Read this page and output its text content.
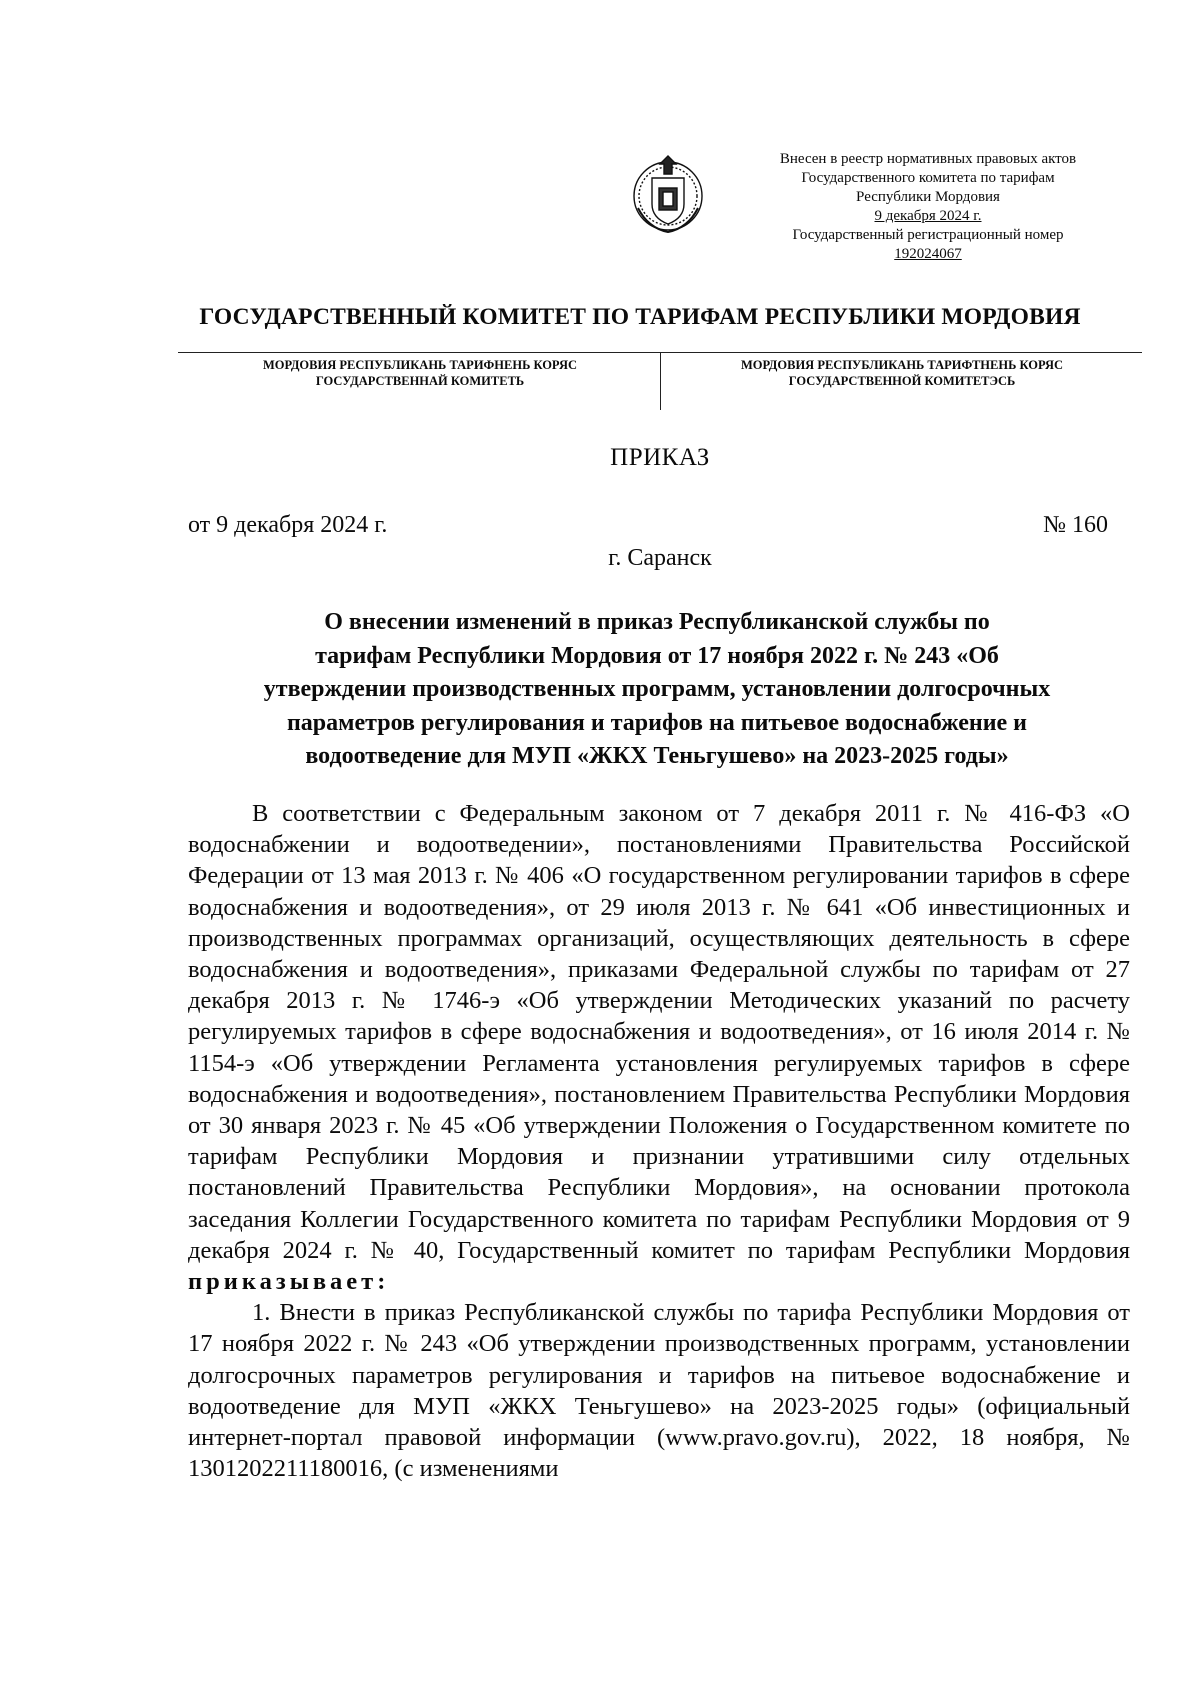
Внесен в реестр нормативных правовых актов
Государственного комитета по тарифам
Республики Мордовия
9 декабря 2024 г.
Государственный регистрационный номер
192024067
ГОСУДАРСТВЕННЫЙ КОМИТЕТ ПО ТАРИФАМ РЕСПУБЛИКИ МОРДОВИЯ
МОРДОВИЯ РЕСПУБЛИКАНЬ ТАРИФНЕНЬ КОРЯС
ГОСУДАРСТВЕННАЙ КОМИТЕТЬ
МОРДОВИЯ РЕСПУБЛИКАНЬ ТАРИФТНЕНЬ КОРЯС
ГОСУДАРСТВЕННОЙ КОМИТЕТЭСЬ
ПРИКАЗ
от 9 декабря 2024 г.	№ 160
г. Саранск
О внесении изменений в приказ Республиканской службы по
тарифам Республики Мордовия от 17 ноября 2022 г. № 243 «Об
утверждении производственных программ, установлении долгосрочных
параметров регулирования и тарифов на питьевое водоснабжение и
водоотведение для МУП «ЖКХ Теньгушево» на 2023-2025 годы»

В соответствии с Федеральным законом от 7 декабря 2011 г. № 416-ФЗ «О водоснабжении и водоотведении», постановлениями Правительства Российской Федерации от 13 мая 2013 г. № 406 «О государственном регулировании тарифов в сфере водоснабжения и водоотведения», от 29 июля 2013 г. № 641 «Об инвестиционных и производственных программах организаций, осуществляющих деятельность в сфере водоснабжения и водоотведения», приказами Федеральной службы по тарифам от 27 декабря 2013 г. № 1746-э «Об утверждении Методических указаний по расчету регулируемых тарифов в сфере водоснабжения и водоотведения», от 16 июля 2014 г. № 1154-э «Об утверждении Регламента установления регулируемых тарифов в сфере водоснабжения и водоотведения», постановлением Правительства Республики Мордовия от 30 января 2023 г. № 45 «Об утверждении Положения о Государственном комитете по тарифам Республики Мордовия и признании утратившими силу отдельных постановлений Правительства Республики Мордовия», на основании протокола заседания Коллегии Государственного комитета по тарифам Республики Мордовия от 9 декабря 2024 г. № 40, Государственный комитет по тарифам Республики Мордовия приказывает:

1. Внести в приказ Республиканской службы по тарифа Республики Мордовия от 17 ноября 2022 г. № 243 «Об утверждении производственных программ, установлении долгосрочных параметров регулирования и тарифов на питьевое водоснабжение и водоотведение для МУП «ЖКХ Теньгушево» на 2023-2025 годы» (официальный интернет-портал правовой информации (www.pravo.gov.ru), 2022, 18 ноября, № 1301202211180016, (с изменениями
